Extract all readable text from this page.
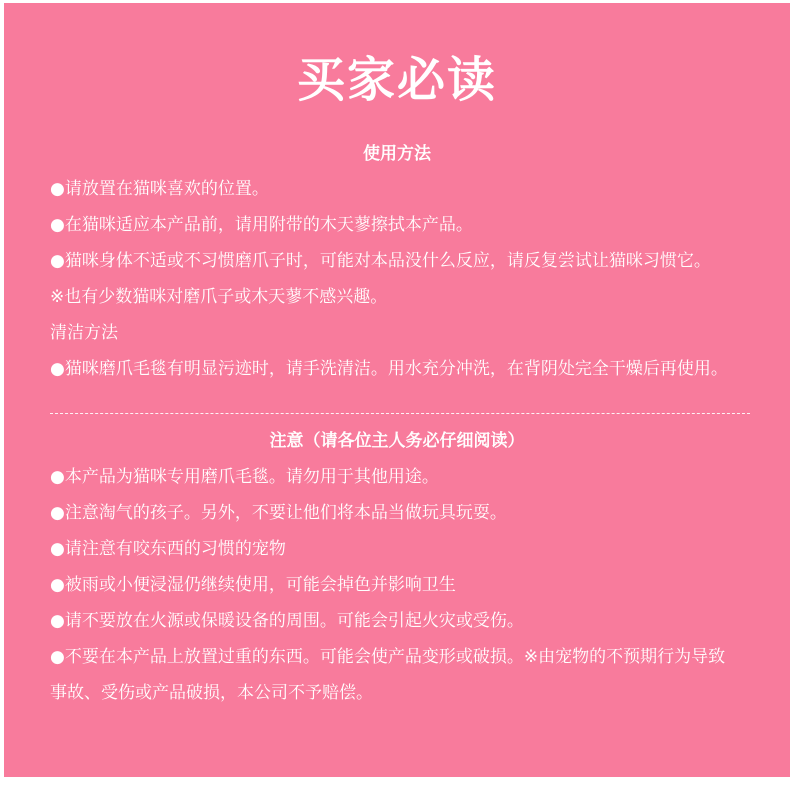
买家必读
使用方法
●请放置在猫咪喜欢的位置。
●在猫咪适应本产品前，请用附带的木天蓼擦拭本产品。
●猫咪身体不适或不习惯磨爪子时，可能对本品没什么反应，请反复尝试让猫咪习惯它。
※也有少数猫咪对磨爪子或木天蓼不感兴趣。
清洁方法
●猫咪磨爪毛毯有明显污迹时，请手洗清洁。用水充分冲洗，在背阴处完全干燥后再使用。
注意（请各位主人务必仔细阅读）
●本产品为猫咪专用磨爪毛毯。请勿用于其他用途。
●注意淘气的孩子。另外，不要让他们将本品当做玩具玩耍。
●请注意有咬东西的习惯的宠物
●被雨或小便浸湿仍继续使用，可能会掉色并影响卫生
●请不要放在火源或保暖设备的周围。可能会引起火灾或受伤。
●不要在本产品上放置过重的东西。可能会使产品变形或破损。※由宠物的不预期行为导致
事故、受伤或产品破损，本公司不予赔偿。
